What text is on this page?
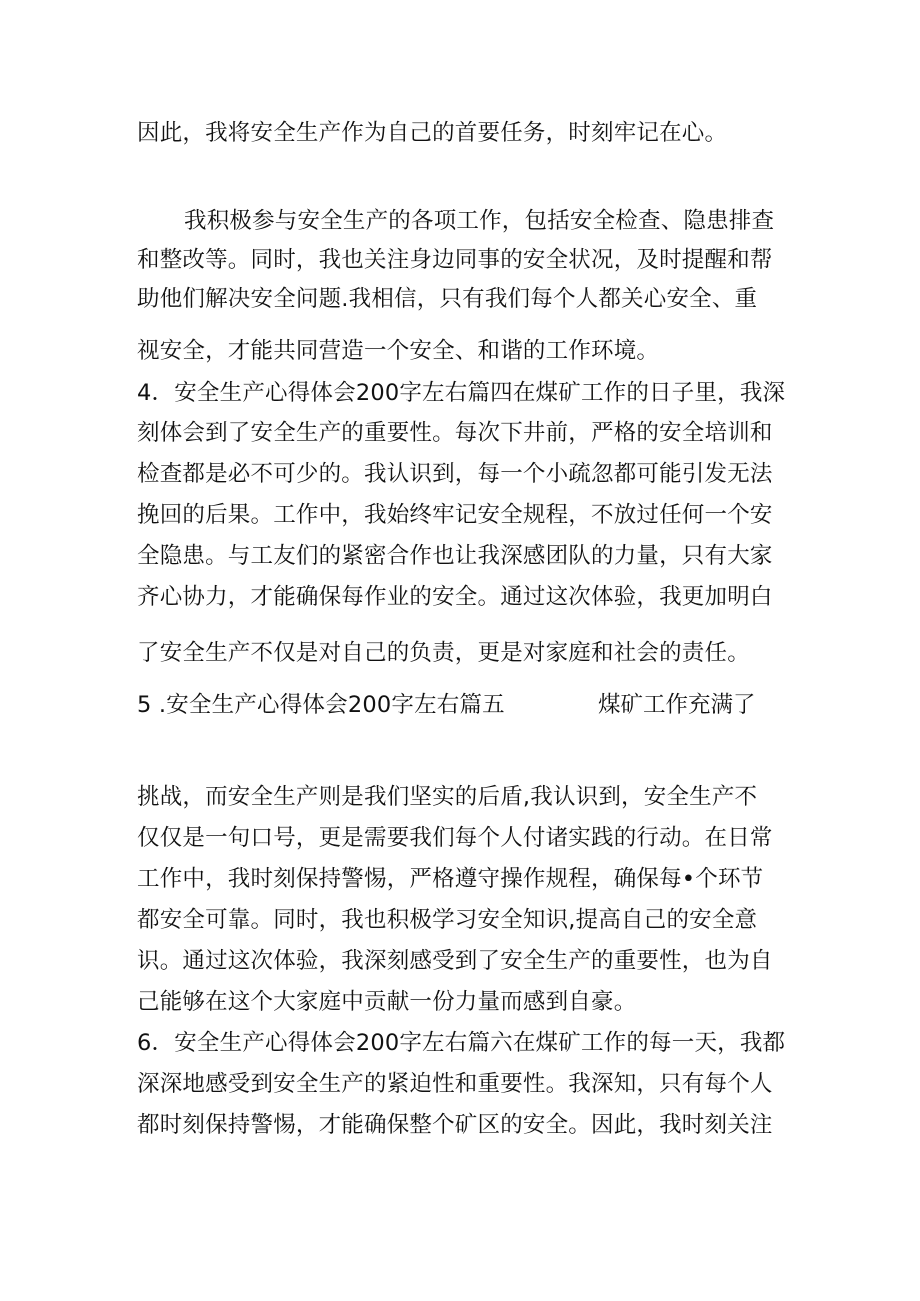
因此，我将安全生产作为自己的首要任务，时刻牢记在心。
我积极参与安全生产的各项工作，包括安全检查、隐患排查
和整改等。同时，我也关注身边同事的安全状况，及时提醒和帮
助他们解决安全问题.我相信，只有我们每个人都关心安全、重
视安全，才能共同营造一个安全、和谐的工作环境。
4．安全生产心得体会200字左右篇四在煤矿工作的日子里，我深
刻体会到了安全生产的重要性。每次下井前，严格的安全培训和
检查都是必不可少的。我认识到，每一个小疏忽都可能引发无法
挽回的后果。工作中，我始终牢记安全规程，不放过任何一个安
全隐患。与工友们的紧密合作也让我深感团队的力量，只有大家
齐心协力，才能确保每作业的安全。通过这次体验，我更加明白
了安全生产不仅是对自己的负责，更是对家庭和社会的责任。
5 .安全生产心得体会200字左右篇五	煤矿工作充满了
挑战，而安全生产则是我们坚实的后盾,我认识到，安全生产不
仅仅是一句口号，更是需要我们每个人付诸实践的行动。在日常
工作中，我时刻保持警惕，严格遵守操作规程，确保每•个环节
都安全可靠。同时，我也积极学习安全知识,提高自己的安全意
识。通过这次体验，我深刻感受到了安全生产的重要性，也为自
己能够在这个大家庭中贡献一份力量而感到自豪。
6．安全生产心得体会200字左右篇六在煤矿工作的每一天，我都
深深地感受到安全生产的紧迫性和重要性。我深知，只有每个人
都时刻保持警惕，才能确保整个矿区的安全。因此，我时刻关注
